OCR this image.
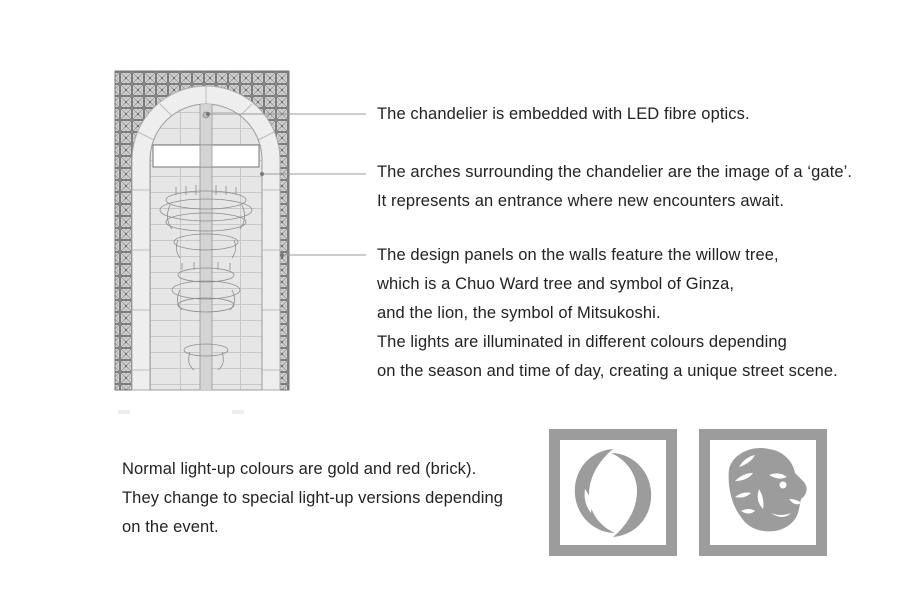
The chandelier is embedded with LED fibre optics.
The arches surrounding the chandelier are the image of a ‘gate’.
It represents an entrance where new encounters await.
The design panels on the walls feature the willow tree,
which is a Chuo Ward tree and symbol of Ginza,
and the lion, the symbol of Mitsukoshi.
The lights are illuminated in different colours depending
on the season and time of day, creating a unique street scene.
Normal light-up colours are gold and red (brick).
They change to special light-up versions depending
on the event.
